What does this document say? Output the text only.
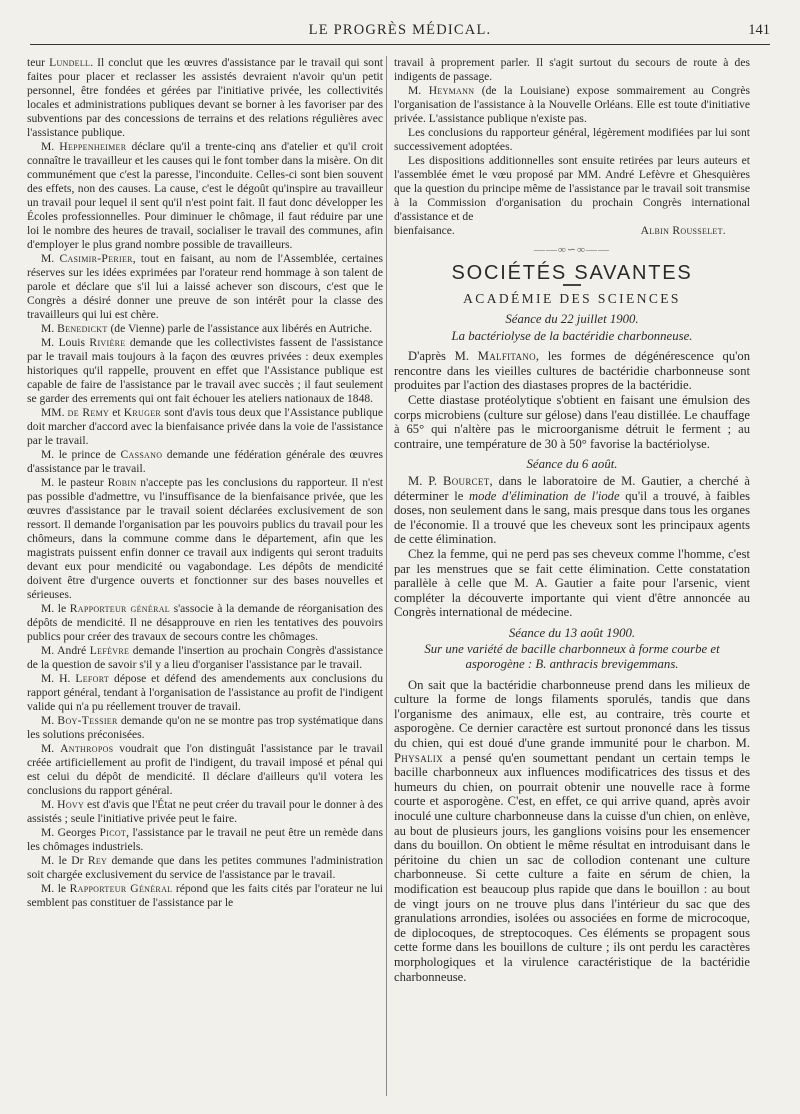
LE PROGRÈS MÉDICAL.	141

teur Lundell. Il conclut que les œuvres d'assistance par le travail qui sont faites pour placer et reclasser les assistés devraient n'avoir qu'un petit personnel, être fondées et gérées par l'initiative privée, les collectivités locales et administrations publiques devant se borner à les favoriser par des subventions par des concessions de terrains et des relations régulières avec l'assistance publique.

M. Heppenheimer déclare qu'il a trente-cinq ans d'atelier et qu'il croit connaître le travailleur et les causes qui le font tomber dans la misère. On dit communément que c'est la paresse, l'inconduite. Celles-ci sont bien souvent des effets, non des causes. La cause, c'est le dégoût qu'inspire au travailleur un travail pour lequel il sent qu'il n'est point fait. Il faut donc développer les Écoles professionnelles. Pour diminuer le chômage, il faut réduire par une loi le nombre des heures de travail, socialiser le travail des communes, afin d'employer le plus grand nombre possible de travailleurs.

M. Casimir-Perier, tout en faisant, au nom de l'Assemblée, certaines réserves sur les idées exprimées par l'orateur rend hommage à son talent de parole et déclare que s'il lui a laissé achever son discours, c'est que le Congrès a désiré donner une preuve de son intérêt pour la classe des travailleurs qui lui est chère.

M. Benedickt (de Vienne) parle de l'assistance aux libérés en Autriche.

M. Louis Rivière demande que les collectivistes fassent de l'assistance par le travail mais toujours à la façon des œuvres privées : deux exemples historiques qu'il rappelle, prouvent en effet que l'Assistance publique est capable de faire de l'assistance par le travail avec succès ; il faut seulement se garder des errements qui ont fait échouer les ateliers nationaux de 1848.

MM. de Remy et Kruger sont d'avis tous deux que l'Assistance publique doit marcher d'accord avec la bienfaisance privée dans la voie de l'assistance par le travail.

M. le prince de Cassano demande une fédération générale des œuvres d'assistance par le travail.

M. le pasteur Robin n'accepte pas les conclusions du rapporteur. Il n'est pas possible d'admettre, vu l'insuffisance de la bienfaisance privée, que les œuvres d'assistance par le travail soient déclarées exclusivement de son ressort. Il demande l'organisation par les pouvoirs publics du travail pour les chômeurs, dans la commune comme dans le département, afin que les magistrats puissent enfin donner ce travail aux indigents qui seront traduits devant eux pour mendicité ou vagabondage. Les dépôts de mendicité doivent être d'urgence ouverts et fonctionner sur des bases nouvelles et sérieuses.

M. le Rapporteur général s'associe à la demande de réorganisation des dépôts de mendicité. Il ne désapprouve en rien les tentatives des pouvoirs publics pour créer des travaux de secours contre les chômages.

M. André Lefèvre demande l'insertion au prochain Congrès d'assistance de la question de savoir s'il y a lieu d'organiser l'assistance par le travail.

M. H. Lefort dépose et défend des amendements aux conclusions du rapport général, tendant à l'organisation de l'assistance au profit de l'indigent valide qui n'a pu réellement trouver de travail.

M. Boy-Tessier demande qu'on ne se montre pas trop systématique dans les solutions préconisées.

M. Anthropos voudrait que l'on distinguât l'assistance par le travail créée artificiellement au profit de l'indigent, du travail imposé et pénal qui est celui du dépôt de mendicité. Il déclare d'ailleurs qu'il votera les conclusions du rapport général.

M. Hovy est d'avis que l'État ne peut créer du travail pour le donner à des assistés ; seule l'initiative privée peut le faire.

M. Georges Picot, l'assistance par le travail ne peut être un remède dans les chômages industriels.

M. le Dr Rey demande que dans les petites communes l'administration soit chargée exclusivement du service de l'assistance par le travail.

M. le Rapporteur Général répond que les faits cités par l'orateur ne lui semblent pas constituer de l'assistance par le

travail à proprement parler. Il s'agit surtout du secours de route à des indigents de passage.

M. Heymann (de la Louisiane) expose sommairement au Congrès l'organisation de l'assistance à la Nouvelle Orléans. Elle est toute d'initiative privée. L'assistance publique n'existe pas.

Les conclusions du rapporteur général, légèrement modifiées par lui sont successivement adoptées.

Les dispositions additionnelles sont ensuite retirées par leurs auteurs et l'assemblée émet le vœu proposé par MM. André Lefèvre et Ghesquières que la question du principe même de l'assistance par le travail soit transmise à la Commission d'organisation du prochain Congrès international d'assistance et de

bienfaisance.	Albin Rousselet.
——∞∽∞——
SOCIÉTÉS SAVANTES
ACADÉMIE DES SCIENCES
Séance du 22 juillet 1900.
La bactériolyse de la bactéridie charbonneuse.

D'après M. Malfitano, les formes de dégénérescence qu'on rencontre dans les vieilles cultures de bactéridie charbonneuse sont produites par l'action des diastases propres de la bactéridie.

Cette diastase protéolytique s'obtient en faisant une émulsion des corps microbiens (culture sur gélose) dans l'eau distillée. Le chauffage à 65° qui n'altère pas le microorganisme détruit le ferment ; au contraire, une température de 30 à 50° favorise la bactériolyse.

Séance du 6 août.

M. P. Bourcet, dans le laboratoire de M. Gautier, a cherché à déterminer le mode d'élimination de l'iode qu'il a trouvé, à faibles doses, non seulement dans le sang, mais presque dans tous les organes de l'économie. Il a trouvé que les cheveux sont les principaux agents de cette élimination.

Chez la femme, qui ne perd pas ses cheveux comme l'homme, c'est par les menstrues que se fait cette élimination. Cette constatation parallèle à celle que M. A. Gautier a faite pour l'arsenic, vient compléter la découverte importante qui vient d'être annoncée au Congrès international de médecine.

Séance du 13 août 1900.
Sur une variété de bacille charbonneux à forme courbe et asporogène : B. anthracis brevigemmans.

On sait que la bactéridie charbonneuse prend dans les milieux de culture la forme de longs filaments sporulés, tandis que dans l'organisme des animaux, elle est, au contraire, très courte et asporogène. Ce dernier caractère est surtout prononcé dans les tissus du chien, qui est doué d'une grande immunité pour le charbon. M. Physalix a pensé qu'en soumettant pendant un certain temps le bacille charbonneux aux influences modificatrices des tissus et des humeurs du chien, on pourrait obtenir une nouvelle race à forme courte et asporogène. C'est, en effet, ce qui arrive quand, après avoir inoculé une culture charbonneuse dans la cuisse d'un chien, on enlève, au bout de plusieurs jours, les ganglions voisins pour les ensemencer dans du bouillon. On obtient le même résultat en introduisant dans le péritoine du chien un sac de collodion contenant une culture charbonneuse. Si cette culture a faite en sérum de chien, la modification est beaucoup plus rapide que dans le bouillon : au bout de vingt jours on ne trouve plus dans l'intérieur du sac que des granulations arrondies, isolées ou associées en forme de microcoque, de diplocoques, de streptocoques. Ces éléments se propagent sous cette forme dans les bouillons de culture ; ils ont perdu les caractères morphologiques et la virulence caractéristique de la bactéridie charbonneuse.
